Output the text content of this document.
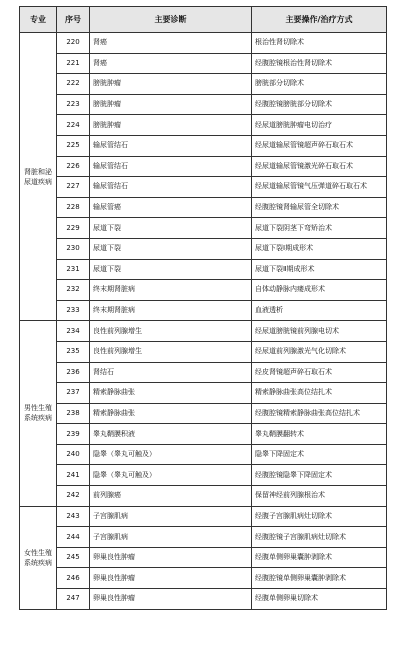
专业	序号	主要诊断	主要操作/治疗方式
肾脏和泌尿道疾病	220	肾癌	根治性肾切除术
	221	肾癌	经腹腔镜根治性肾切除术
	222	膀胱肿瘤	膀胱部分切除术
	223	膀胱肿瘤	经腹腔镜膀胱部分切除术
	224	膀胱肿瘤	经尿道膀胱肿瘤电切治疗
	225	输尿管结石	经尿道输尿管镜超声碎石取石术
	226	输尿管结石	经尿道输尿管镜激光碎石取石术
	227	输尿管结石	经尿道输尿管镜气压弹道碎石取石术
	228	输尿管癌	经腹腔镜肾输尿管全切除术
	229	尿道下裂	尿道下裂阴茎下弯矫治术
	230	尿道下裂	尿道下裂Ⅰ期成形术
	231	尿道下裂	尿道下裂Ⅱ期成形术
	232	终末期肾脏病	自体动静脉内瘘成形术
	233	终末期肾脏病	血液透析
男性生殖系统疾病	234	良性前列腺增生	经尿道膀胱镜前列腺电切术
	235	良性前列腺增生	经尿道前列腺激光气化切除术
	236	肾结石	经皮肾镜超声碎石取石术
	237	精索静脉曲张	精索静脉曲张高位结扎术
	238	精索静脉曲张	经腹腔镜精索静脉曲张高位结扎术
	239	睾丸鞘膜积液	睾丸鞘膜翻转术
	240	隐睾（睾丸可触及）	隐睾下降固定术
	241	隐睾（睾丸可触及）	经腹腔镜隐睾下降固定术
	242	前列腺癌	保留神经前列腺根治术
女性生殖系统疾病	243	子宫腺肌病	经腹子宫腺肌病灶切除术
	244	子宫腺肌病	经腹腔镜子宫腺肌病灶切除术
	245	卵巢良性肿瘤	经腹单侧卵巢囊肿剥除术
	246	卵巢良性肿瘤	经腹腔镜单侧卵巢囊肿剥除术
	247	卵巢良性肿瘤	经腹单侧卵巢切除术
